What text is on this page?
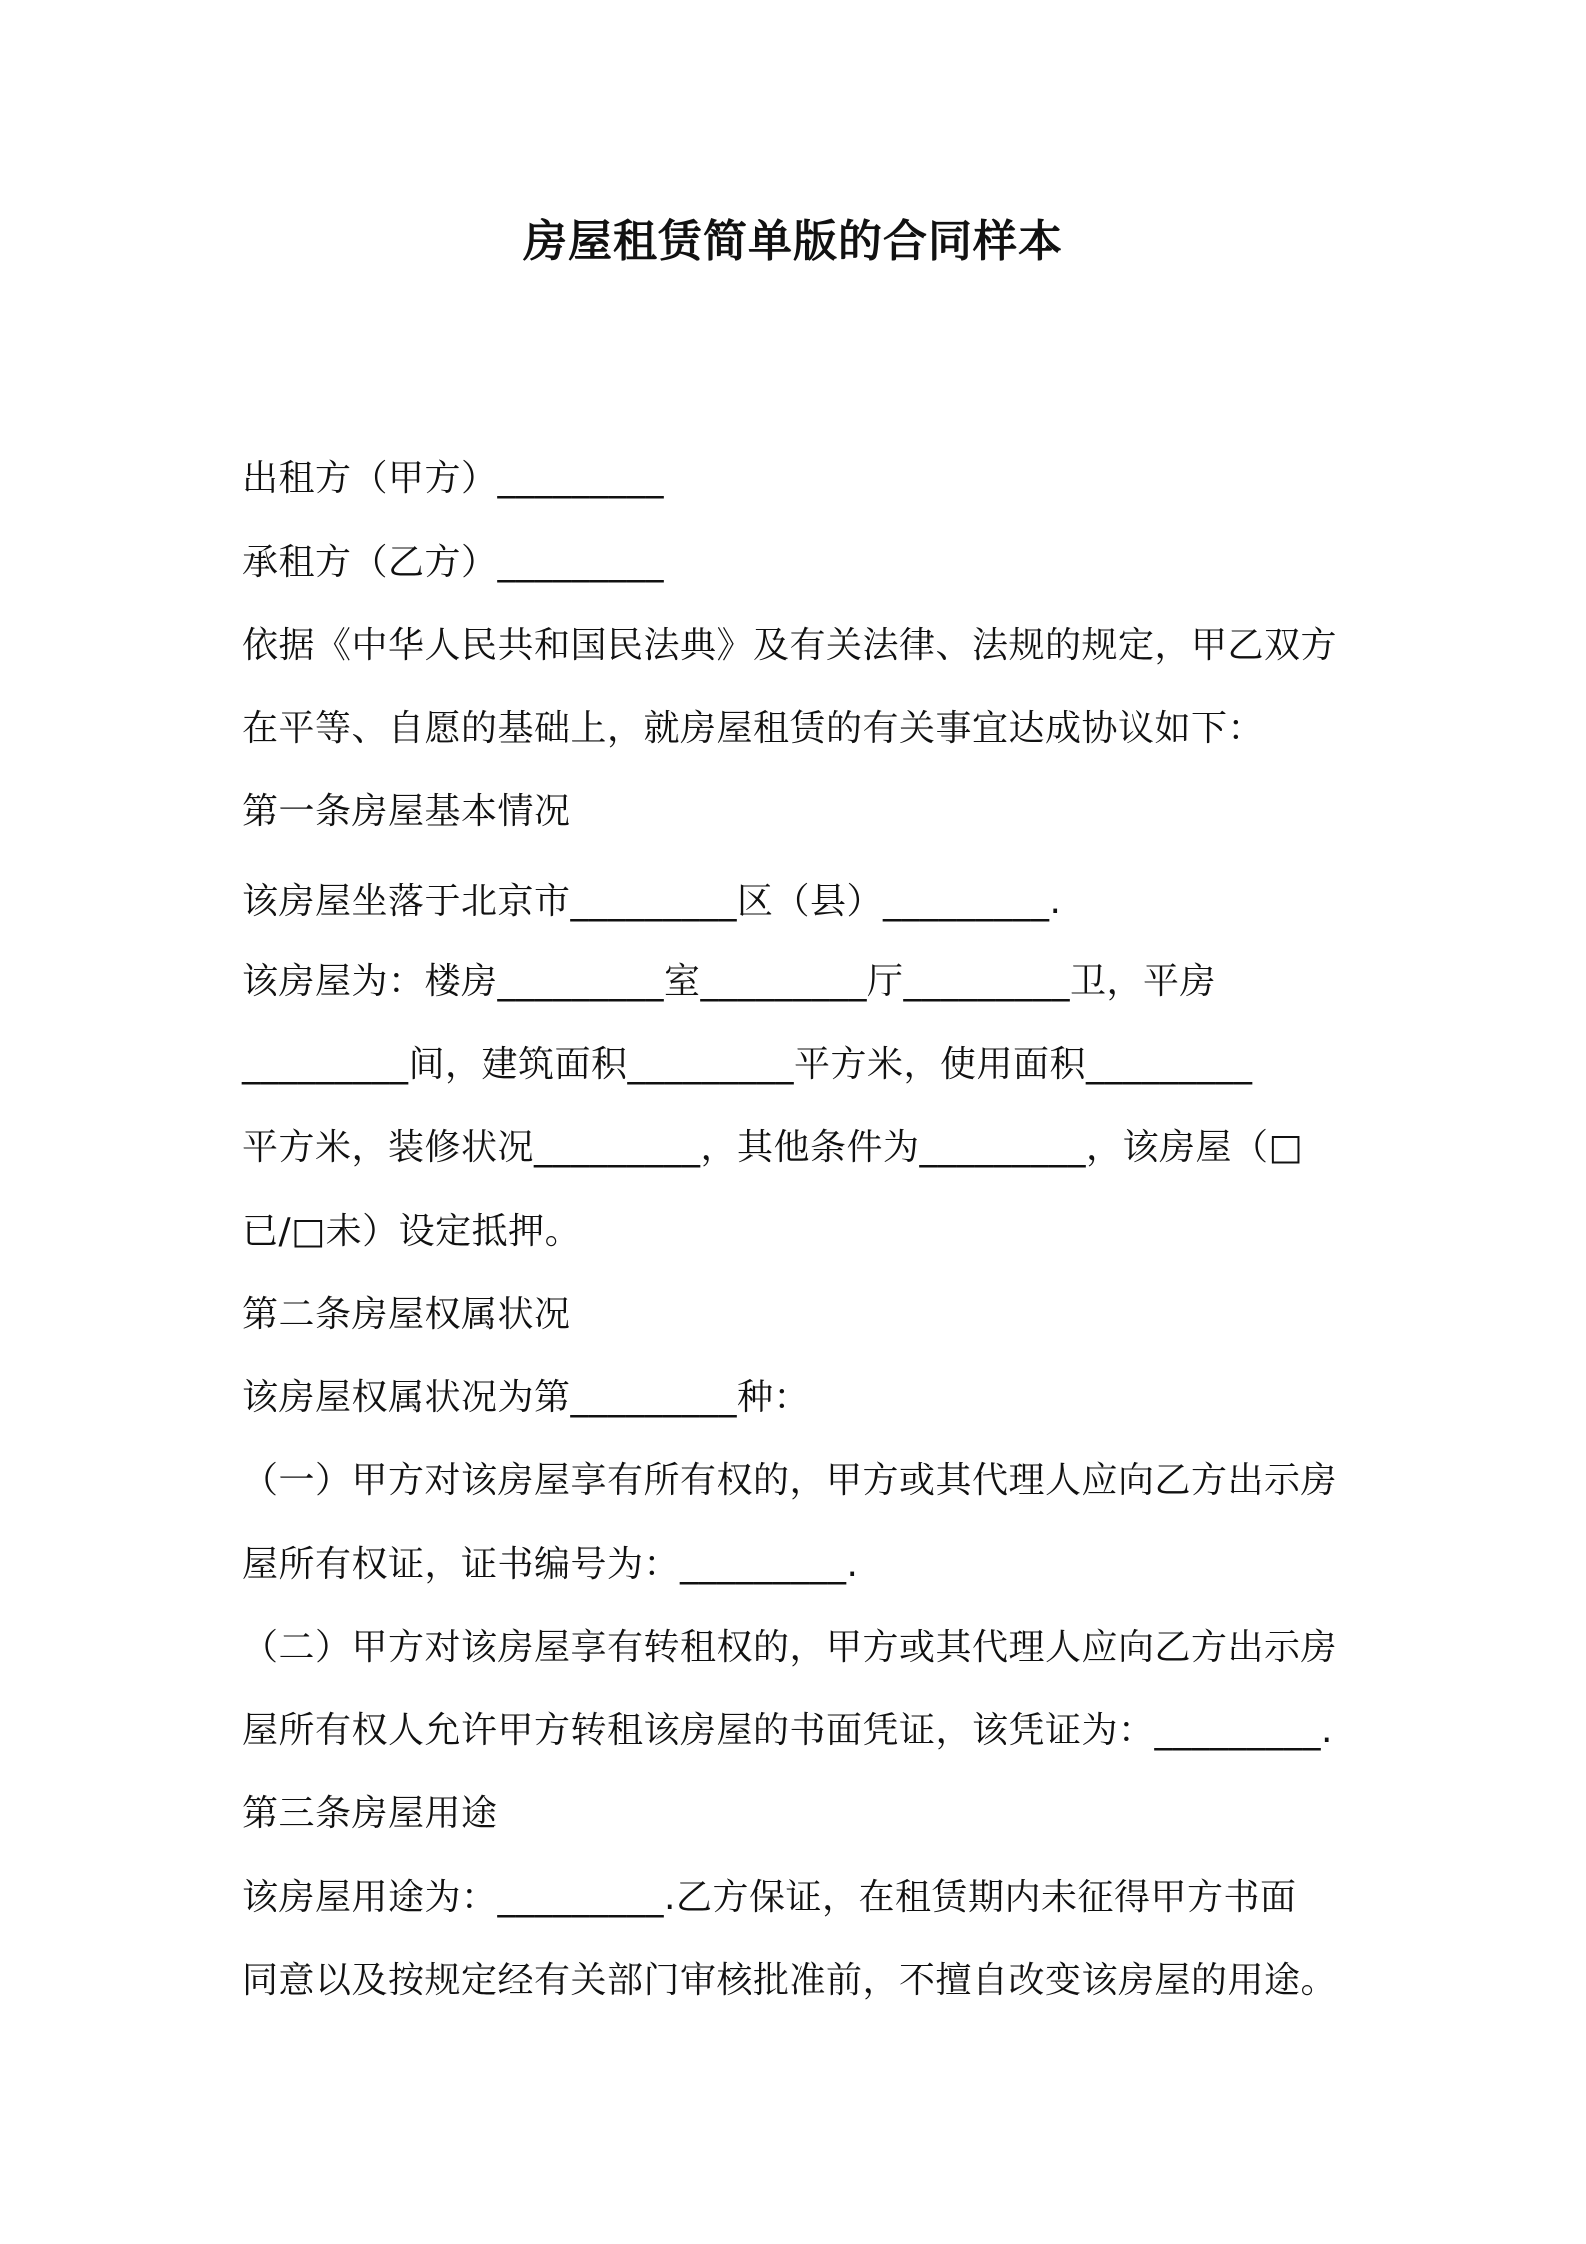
房屋租赁简单版的合同样本
出租方（甲方）_________
承租方（乙方）_________
依据《中华人民共和国民法典》及有关法律、法规的规定，甲乙双方
在平等、自愿的基础上，就房屋租赁的有关事宜达成协议如下：
第一条房屋基本情况
该房屋坐落于北京市_________区（县）_________.
该房屋为：楼房_________室_________厅_________卫，平房
_________间，建筑面积_________平方米，使用面积_________
平方米，装修状况_________，其他条件为_________，该房屋（□
已/□未）设定抵押。
第二条房屋权属状况
该房屋权属状况为第_________种：
（一）甲方对该房屋享有所有权的，甲方或其代理人应向乙方出示房
屋所有权证，证书编号为：_________.
（二）甲方对该房屋享有转租权的，甲方或其代理人应向乙方出示房
屋所有权人允许甲方转租该房屋的书面凭证，该凭证为：_________.
第三条房屋用途
该房屋用途为：_________.乙方保证，在租赁期内未征得甲方书面
同意以及按规定经有关部门审核批准前，不擅自改变该房屋的用途。
